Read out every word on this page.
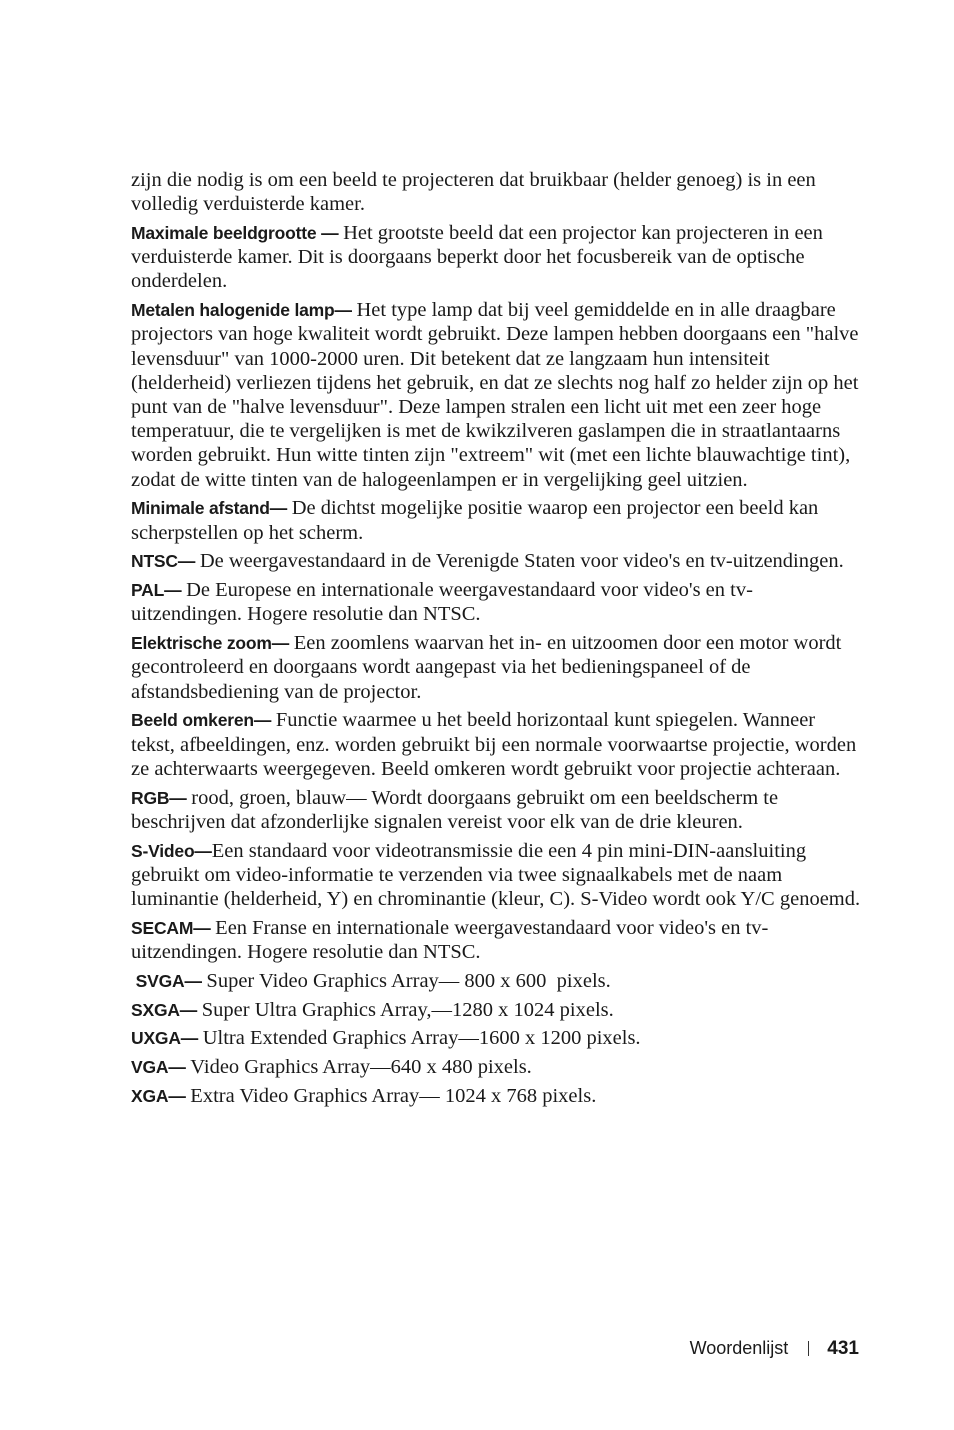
zijn die nodig is om een beeld te projecteren dat bruikbaar (helder genoeg) is in een volledig verduisterde kamer.

Maximale beeldgrootte — Het grootste beeld dat een projector kan projecteren in een verduisterde kamer. Dit is doorgaans beperkt door het focusbereik van de optische onderdelen.

Metalen halogenide lamp— Het type lamp dat bij veel gemiddelde en in alle draagbare projectors van hoge kwaliteit wordt gebruikt. Deze lampen hebben doorgaans een "halve levensduur" van 1000-2000 uren. Dit betekent dat ze langzaam hun intensiteit (helderheid) verliezen tijdens het gebruik, en dat ze slechts nog half zo helder zijn op het punt van de "halve levensduur". Deze lampen stralen een licht uit met een zeer hoge temperatuur, die te vergelijken is met de kwikzilveren gaslampen die in straatlantaarns worden gebruikt. Hun witte tinten zijn "extreem" wit (met een lichte blauwachtige tint), zodat de witte tinten van de halogeenlampen er in vergelijking geel uitzien.

Minimale afstand— De dichtst mogelijke positie waarop een projector een beeld kan scherpstellen op het scherm.

NTSC— De weergavestandaard in de Verenigde Staten voor video's en tv-uitzendingen.

PAL— De Europese en internationale weergavestandaard voor video's en tv-uitzendingen. Hogere resolutie dan NTSC.

Elektrische zoom— Een zoomlens waarvan het in- en uitzoomen door een motor wordt gecontroleerd en doorgaans wordt aangepast via het bedieningspaneel of de afstandsbediening van de projector.

Beeld omkeren— Functie waarmee u het beeld horizontaal kunt spiegelen. Wanneer tekst, afbeeldingen, enz. worden gebruikt bij een normale voorwaartse projectie, worden ze achterwaarts weergegeven. Beeld omkeren wordt gebruikt voor projectie achteraan.

RGB— rood, groen, blauw— Wordt doorgaans gebruikt om een beeldscherm te beschrijven dat afzonderlijke signalen vereist voor elk van de drie kleuren.

S-Video—Een standaard voor videotransmissie die een 4 pin mini-DIN-aansluiting gebruikt om video-informatie te verzenden via twee signaalkabels met de naam luminantie (helderheid, Y) en chrominantie (kleur, C). S-Video wordt ook Y/C genoemd.

SECAM— Een Franse en internationale weergavestandaard voor video's en tv-uitzendingen. Hogere resolutie dan NTSC.

SVGA— Super Video Graphics Array— 800 x 600  pixels.

SXGA— Super Ultra Graphics Array,—1280 x 1024 pixels.

UXGA— Ultra Extended Graphics Array—1600 x 1200 pixels.

VGA— Video Graphics Array—640 x 480 pixels.

XGA— Extra Video Graphics Array— 1024 x 768 pixels.

Woordenlijst 431
